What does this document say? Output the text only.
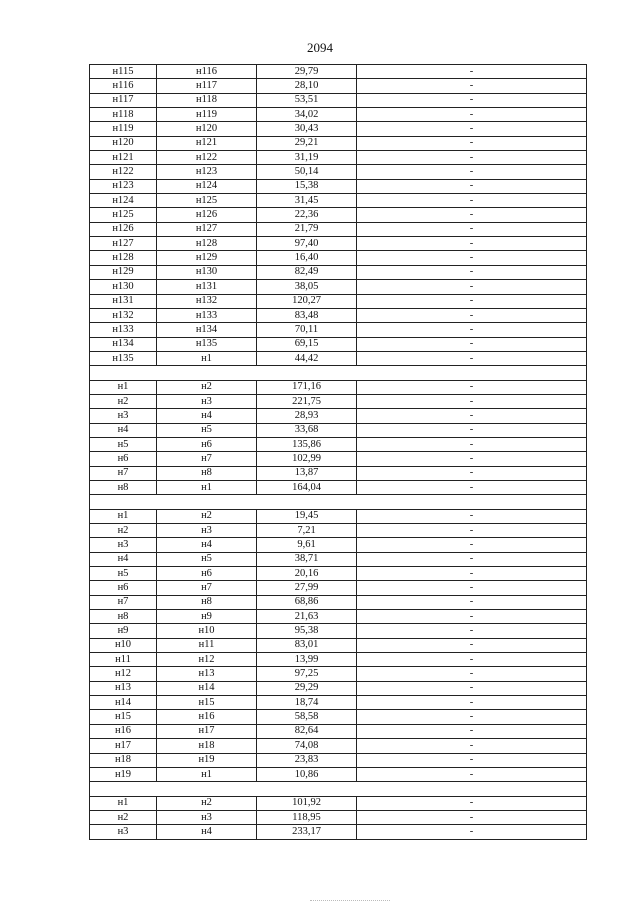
2094
н115	н116	29,79	-
н116	н117	28,10	-
н117	н118	53,51	-
н118	н119	34,02	-
н119	н120	30,43	-
н120	н121	29,21	-
н121	н122	31,19	-
н122	н123	50,14	-
н123	н124	15,38	-
н124	н125	31,45	-
н125	н126	22,36	-
н126	н127	21,79	-
н127	н128	97,40	-
н128	н129	16,40	-
н129	н130	82,49	-
н130	н131	38,05	-
н131	н132	120,27	-
н132	н133	83,48	-
н133	н134	70,11	-
н134	н135	69,15	-
н135	н1	44,42	-

н1	н2	171,16	-
н2	н3	221,75	-
н3	н4	28,93	-
н4	н5	33,68	-
н5	н6	135,86	-
н6	н7	102,99	-
н7	н8	13,87	-
н8	н1	164,04	-

н1	н2	19,45	-
н2	н3	7,21	-
н3	н4	9,61	-
н4	н5	38,71	-
н5	н6	20,16	-
н6	н7	27,99	-
н7	н8	68,86	-
н8	н9	21,63	-
н9	н10	95,38	-
н10	н11	83,01	-
н11	н12	13,99	-
н12	н13	97,25	-
н13	н14	29,29	-
н14	н15	18,74	-
н15	н16	58,58	-
н16	н17	82,64	-
н17	н18	74,08	-
н18	н19	23,83	-
н19	н1	10,86	-

н1	н2	101,92	-
н2	н3	118,95	-
н3	н4	233,17	-
